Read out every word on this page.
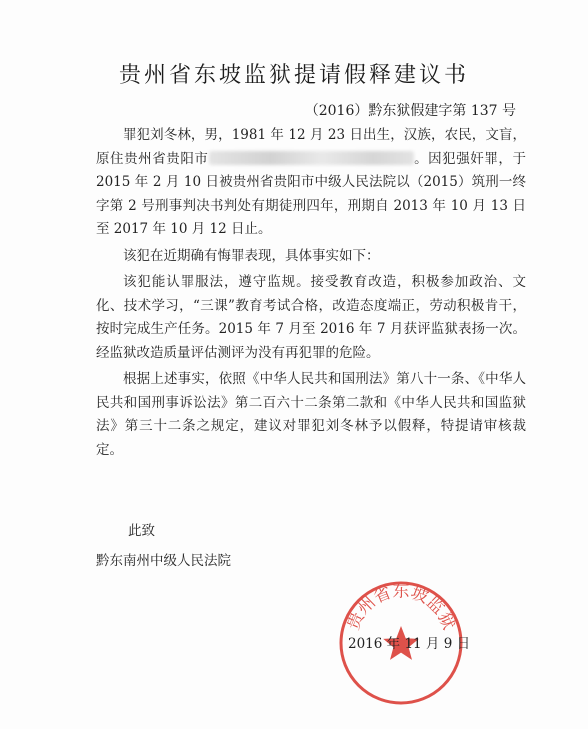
贵州省东坡监狱提请假释建议书
（2016）黔东狱假建字第 137 号

罪犯刘冬林，男，1981 年 12 月 23 日出生，汉族，农民，文盲，原住贵州省贵阳市	。因犯强奸罪，于 2015 年 2 月 10 日被贵州省贵阳市中级人民法院以（2015）筑刑一终字第 2 号刑事判决书判处有期徒刑四年，刑期自 2013 年 10 月 13 日至 2017 年 10 月 12 日止。

该犯在近期确有悔罪表现，具体事实如下：

该犯能认罪服法，遵守监规。接受教育改造，积极参加政治、文化、技术学习，“三课”教育考试合格，改造态度端正，劳动积极肯干，按时完成生产任务。2015 年 7 月至 2016 年 7 月获评监狱表扬一次。经监狱改造质量评估测评为没有再犯罪的危险。

根据上述事实，依照《中华人民共和国刑法》第八十一条、《中华人民共和国刑事诉讼法》第二百六十二条第二款和《中华人民共和国监狱法》第三十二条之规定，建议对罪犯刘冬林予以假释，特提请审核裁定。

此致
黔东南州中级人民法院
贵州省东坡监狱
2016 年 11 月 9 日
